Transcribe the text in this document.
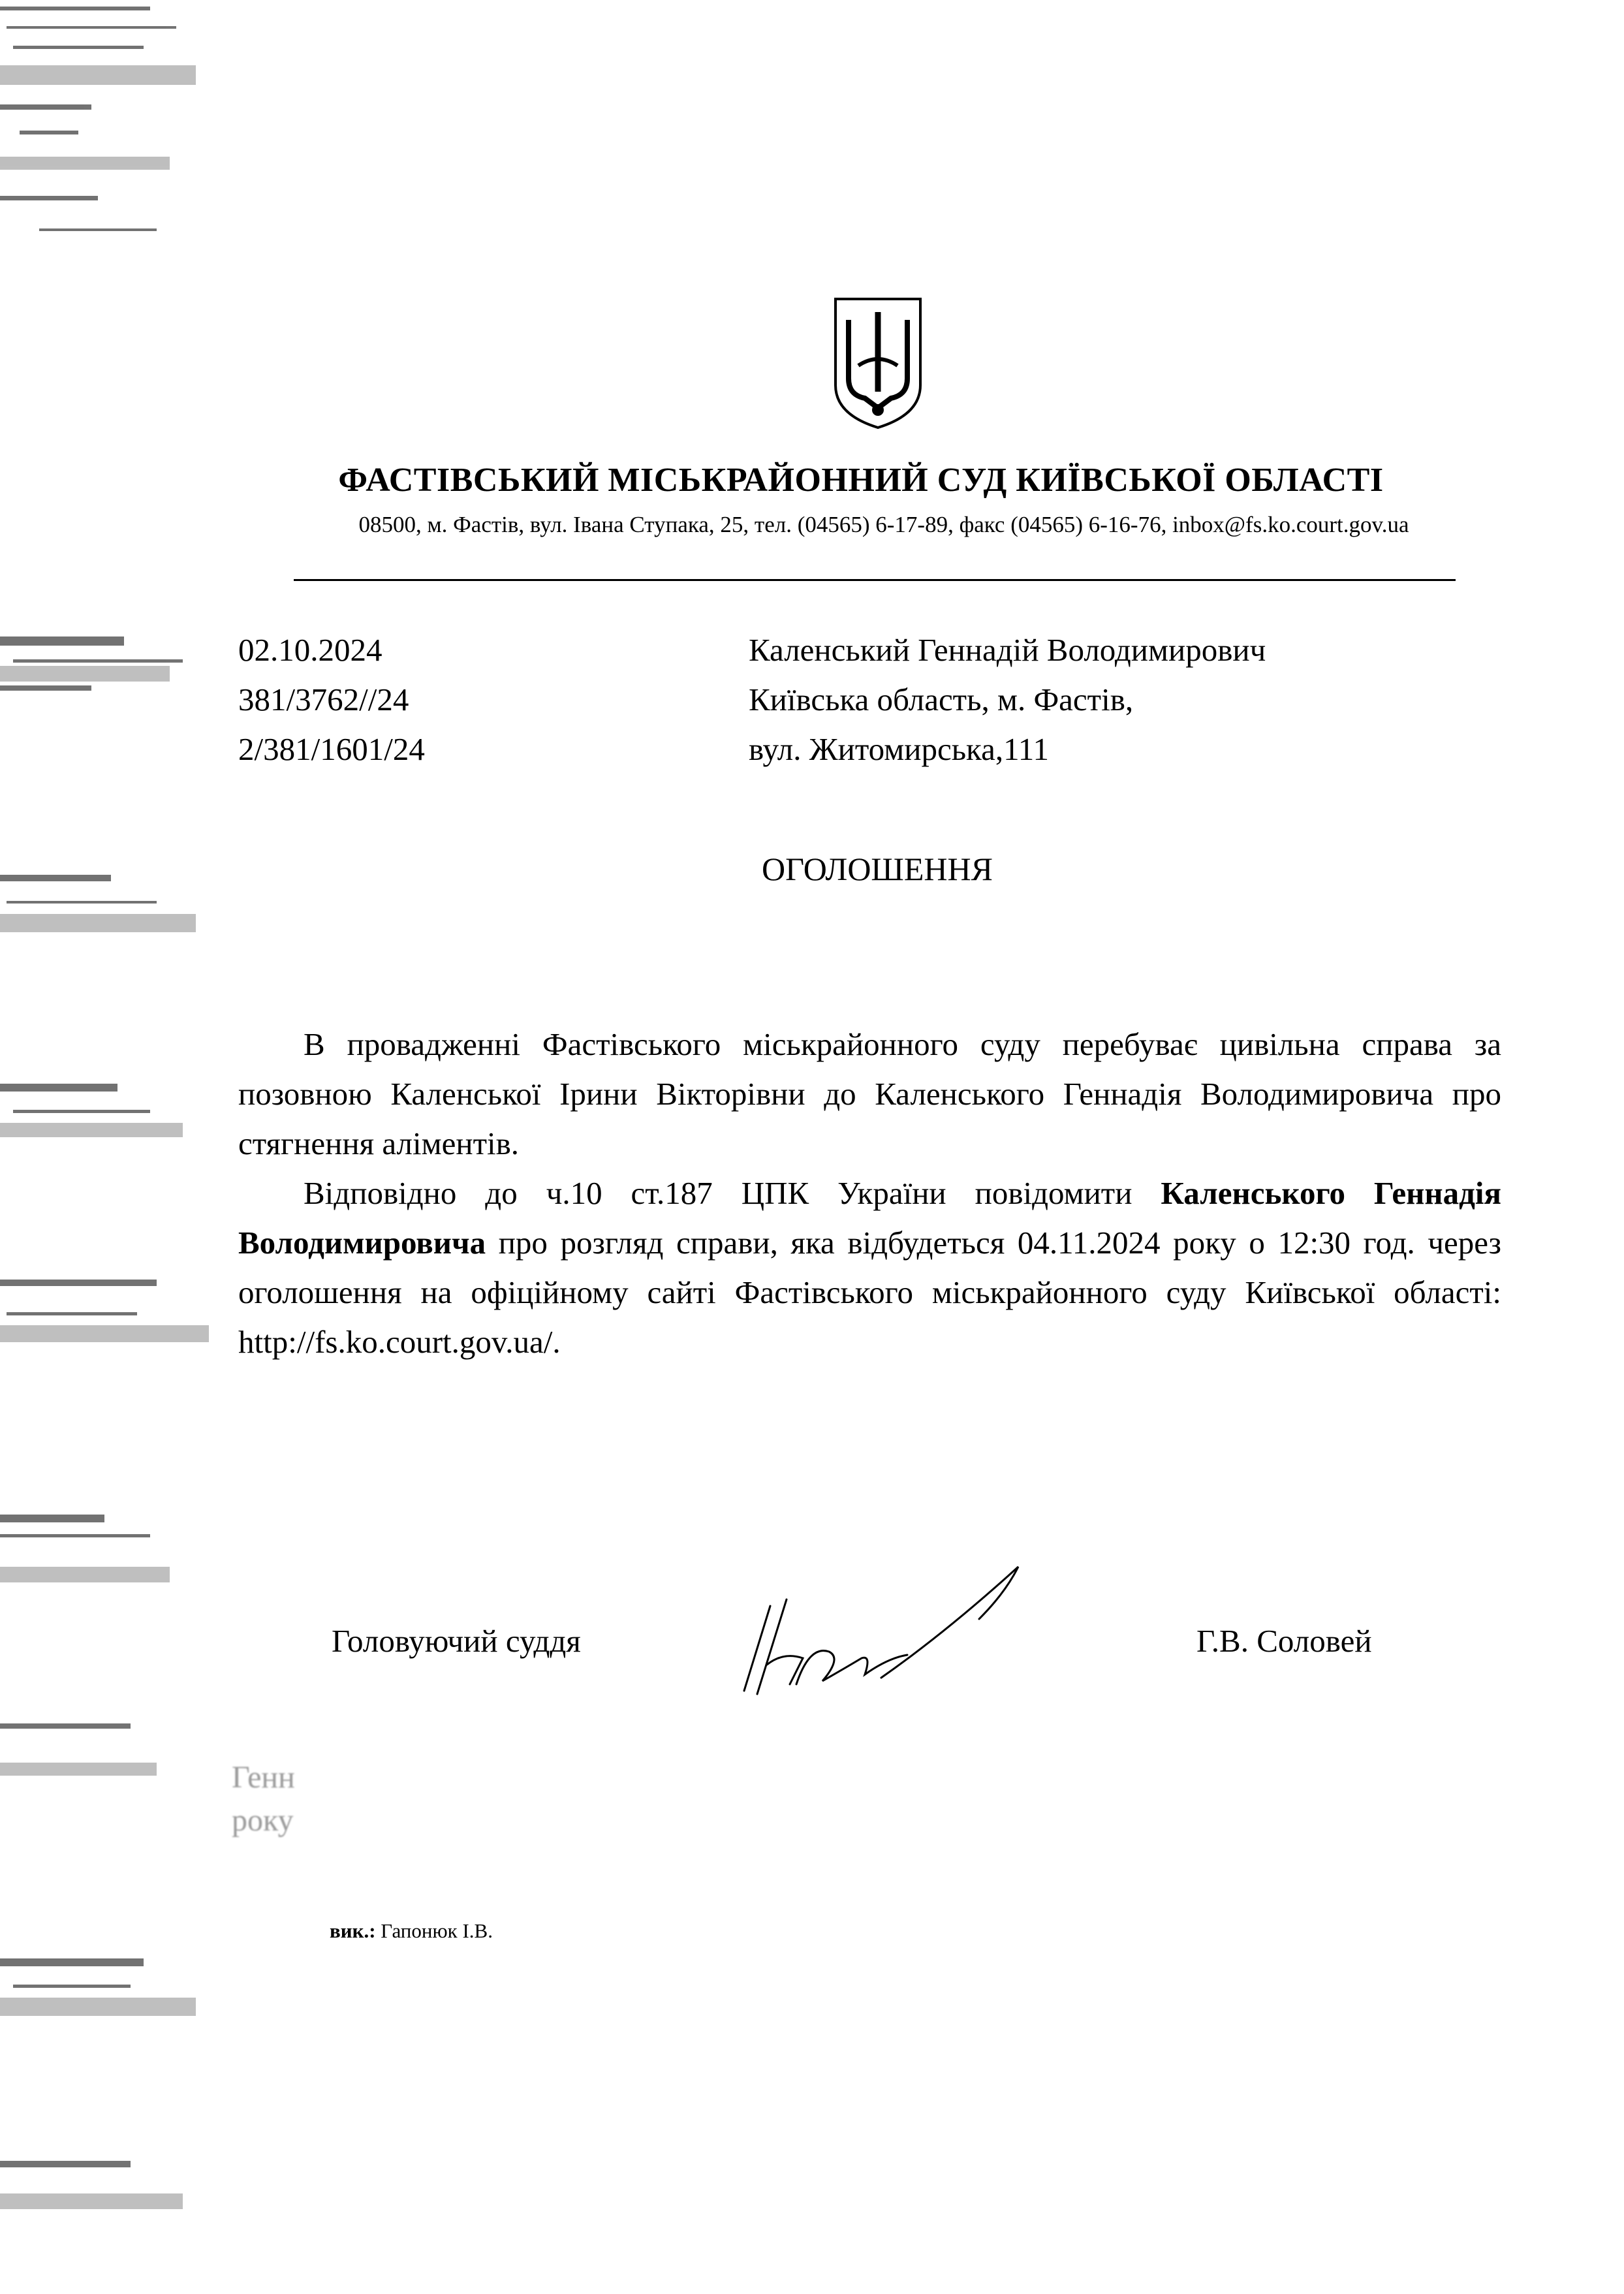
ФАСТІВСЬКИЙ МІСЬКРАЙОННИЙ СУД КИЇВСЬКОЇ ОБЛАСТІ
08500, м. Фастів, вул. Івана Ступака, 25, тел. (04565) 6-17-89, факс (04565) 6-16-76, inbox@fs.ko.court.gov.ua
02.10.2024
381/3762//24
2/381/1601/24
Каленський Геннадій Володимирович
Київська область, м. Фастів,
вул. Житомирська,111
ОГОЛОШЕННЯ

В провадженні Фастівського міськрайонного суду перебуває цивільна справа за позовною Каленської Ірини Вікторівни до Каленського Геннадія Володимировича про стягнення аліментів.

Відповідно до ч.10 ст.187 ЦПК України повідомити Каленського Геннадія Володимировича про розгляд справи, яка відбудеться 04.11.2024 року о 12:30 год. через оголошення на офіційному сайті Фастівського міськрайонного суду Київської області: http://fs.ko.court.gov.ua/.

Головуючий суддя	Г.В. Соловей
Генн
року
вик.: Гапонюк І.В.
